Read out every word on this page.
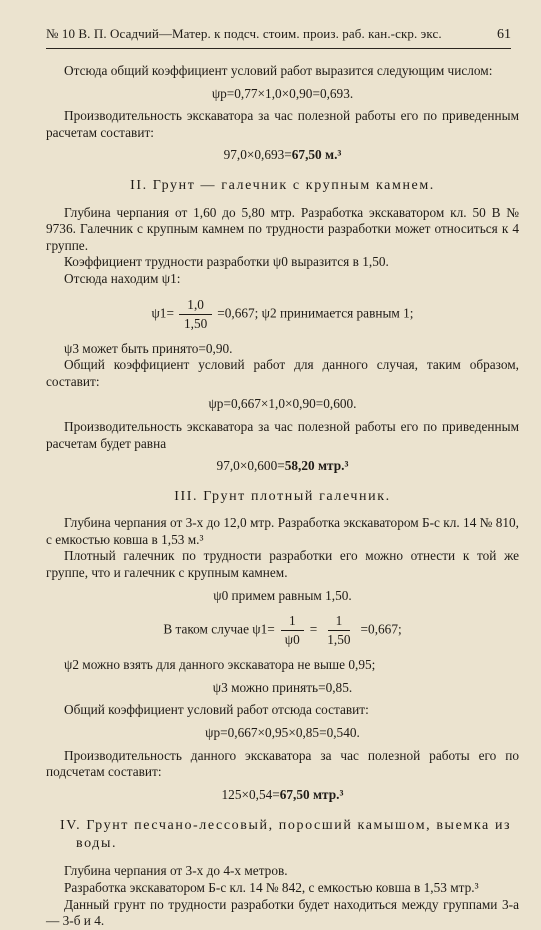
№ 10 В. П. Осадчий—Матер. к подсч. стоим. произ. раб. кан.-скр. экс.	61

Отсюда общий коэффициент условий работ выразится следующим числом:

ψp=0,77×1,0×0,90=0,693.

Производительность экскаватора за час полезной работы его по приведенным расчетам составит:

97,0×0,693=67,50 м.³
II. Грунт — галечник с крупным камнем.

Глубина черпания от 1,60 до 5,80 мтр. Разработка экскаватором кл. 50 В № 9736. Галечник с крупным камнем по трудности разработки может относиться к 4 группе.

Коэффициент трудности разработки ψ0 выразится в 1,50.

Отсюда находим ψ1:

$\psi 1= \frac{1,0}{1,50} =0,667$; ψ2 принимается равным 1;

ψ3 может быть принято=0,90.

Общий коэффициент условий работ для данного случая, таким образом, составит:

ψp=0,667×1,0×0,90=0,600.

Производительность экскаватора за час полезной работы его по приведенным расчетам будет равна

97,0×0,600=58,20 мтр.³
III. Грунт плотный галечник.

Глубина черпания от 3-х до 12,0 мтр. Разработка экскаватором Б-с кл. 14 № 810, с емкостью ковша в 1,53 м.³

Плотный галечник по трудности разработки его можно отнести к той же группе, что и галечник с крупным камнем.

ψ0 примем равным 1,50.
В таком случае $\psi 1= \frac{1}{\psi 0} = \frac{1}{1,50} =0,667$;

ψ2 можно взять для данного экскаватора не выше 0,95;

ψ3 можно принять=0,85.

Общий коэффициент условий работ отсюда составит:

ψp=0,667×0,95×0,85=0,540.

Производительность данного экскаватора за час полезной работы его по подсчетам составит:

125×0,54=67,50 мтр.³
IV. Грунт песчано-лессовый, поросший камышом, выемка из воды.

Глубина черпания от 3-х до 4-х метров.

Разработка экскаватором Б-с кл. 14 № 842, с емкостью ковша в 1,53 мтр.³

Данный грунт по трудности разработки будет находиться между группами 3-а — 3-б и 4.
